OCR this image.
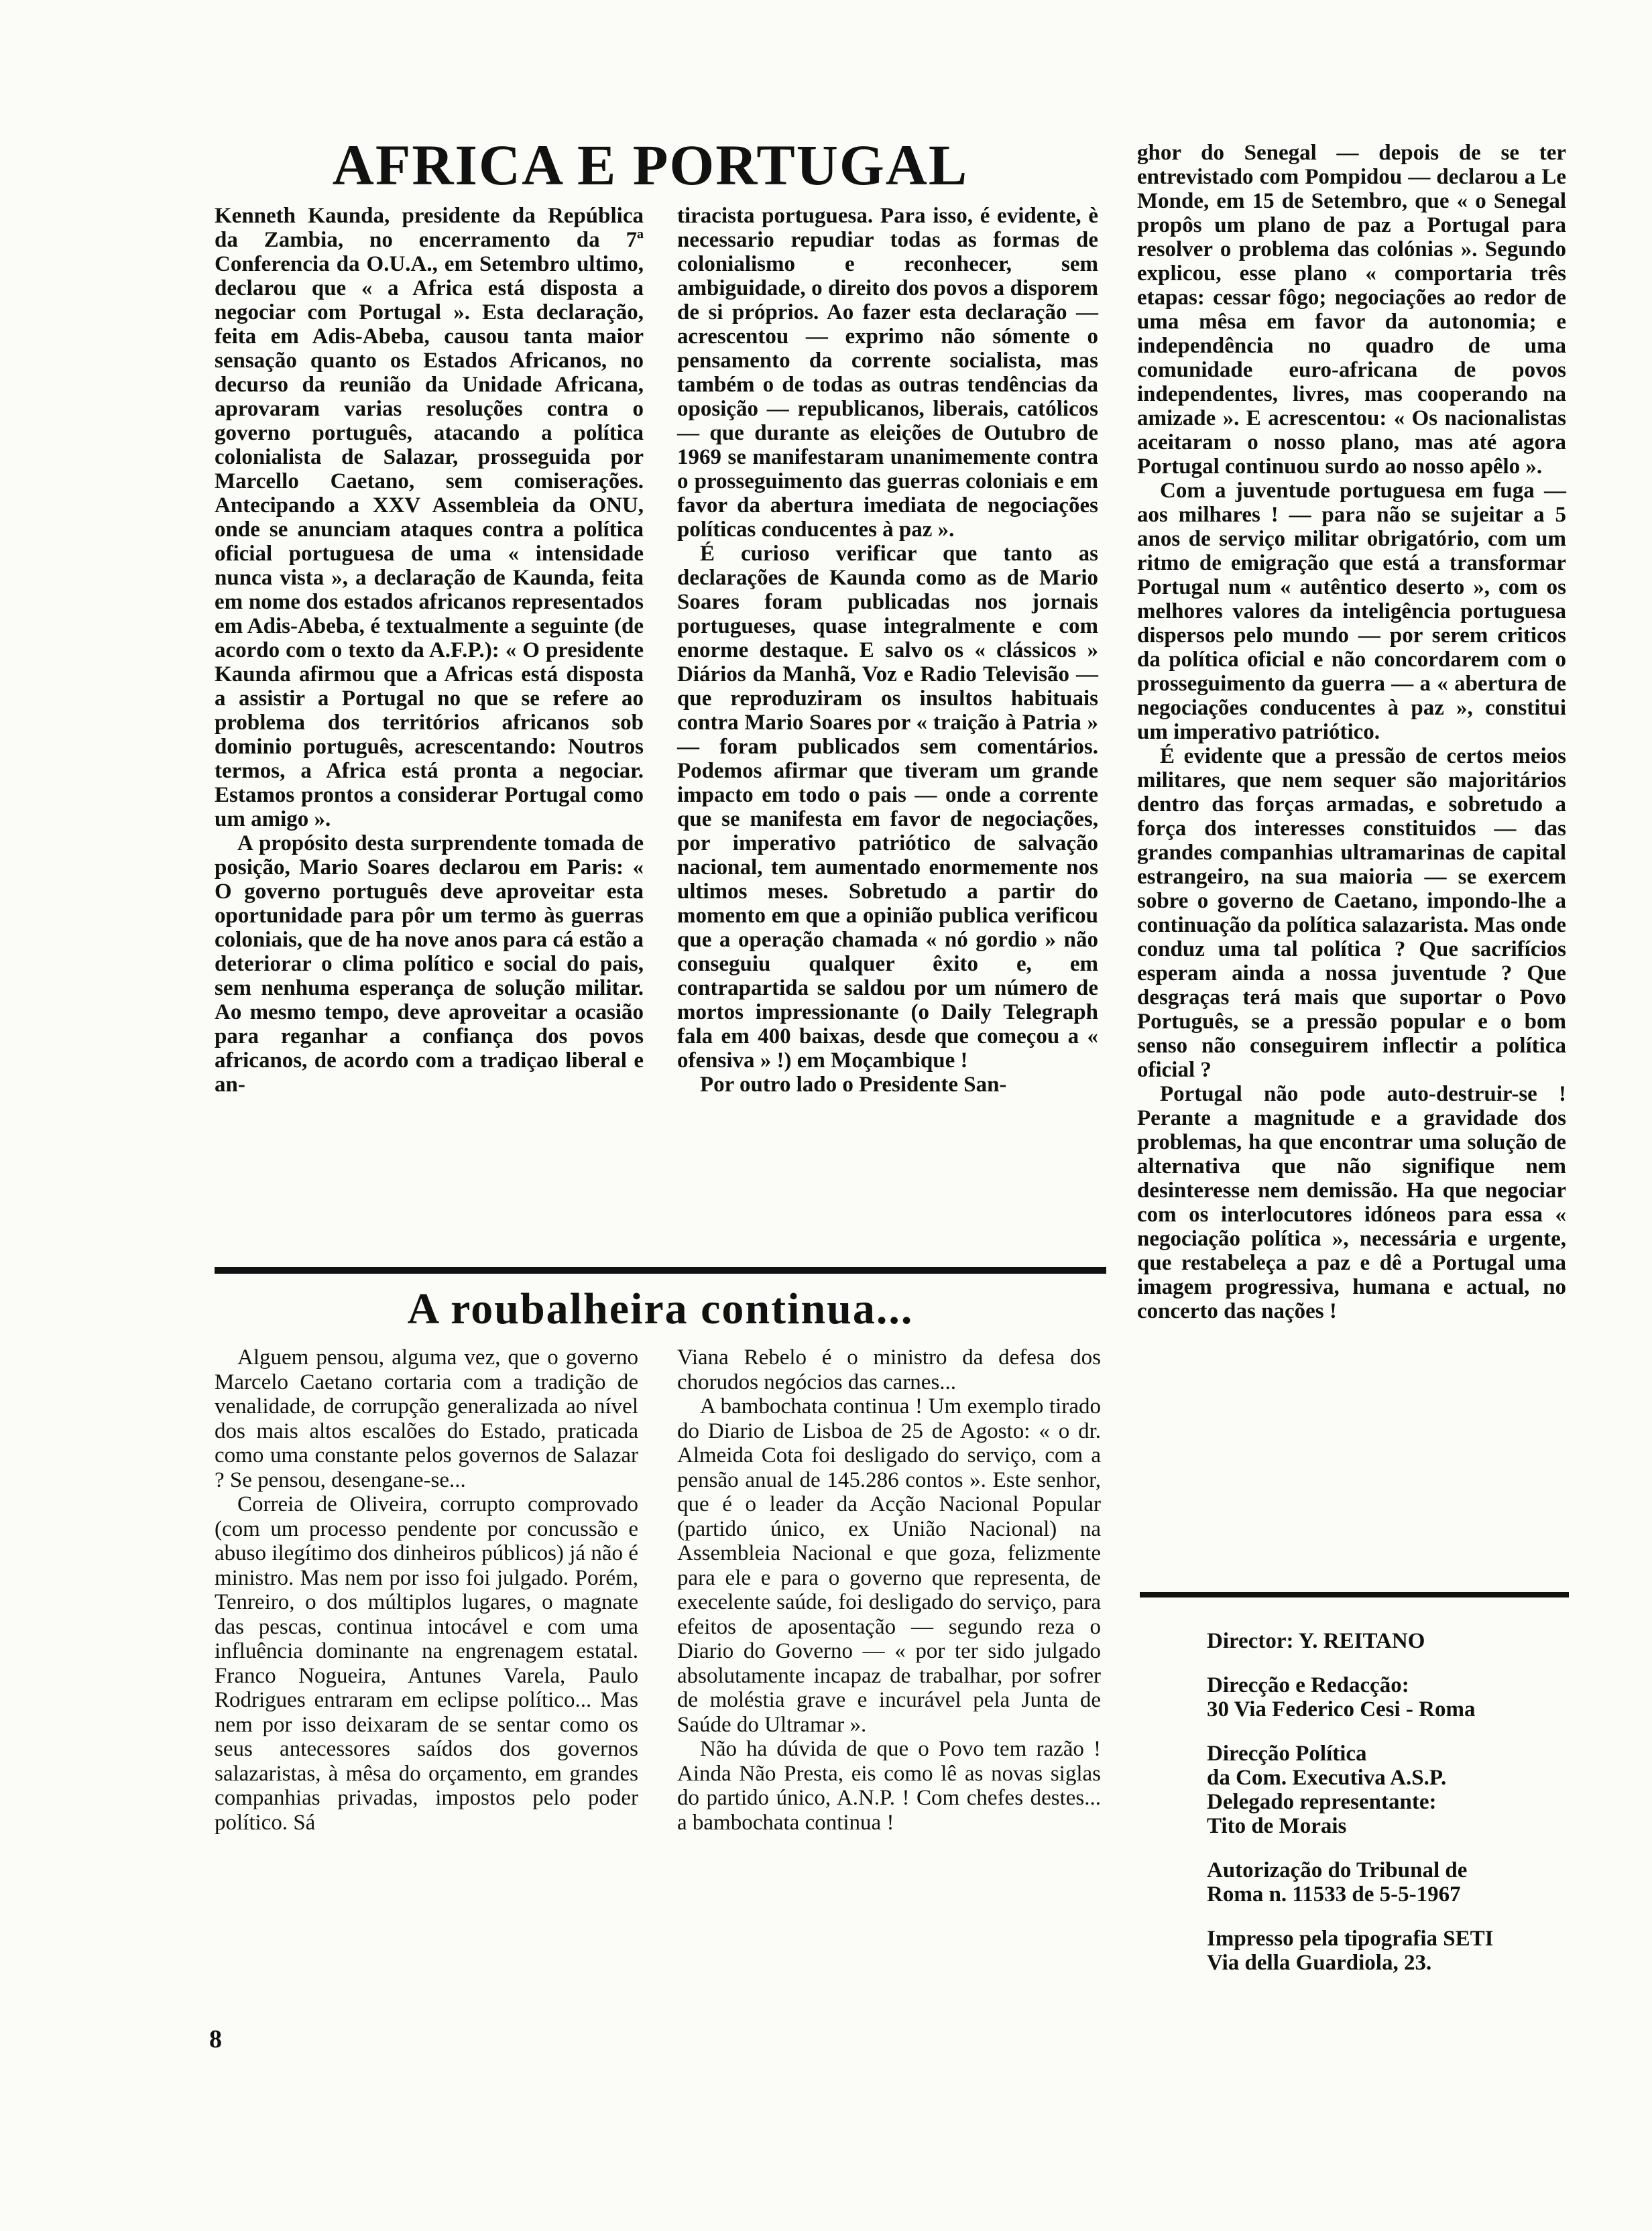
AFRICA E PORTUGAL
Kenneth Kaunda, presidente da República da Zambia, no encerramento da 7ª Conferencia da O.U.A., em Setembro ultimo, declarou que « a Africa está disposta a negociar com Portugal ». Esta declaração, feita em Adis-Abeba, causou tanta maior sensação quanto os Estados Africanos, no decurso da reunião da Unidade Africana, aprovaram varias resoluções contra o governo português, atacando a política colonialista de Salazar, prosseguida por Marcello Caetano, sem comiserações. Antecipando a XXV Assembleia da ONU, onde se anunciam ataques contra a política oficial portuguesa de uma « intensidade nunca vista », a declaração de Kaunda, feita em nome dos estados africanos representados em Adis-Abeba, é textualmente a seguinte (de acordo com o texto da A.F.P.): « O presidente Kaunda afirmou que a Africas está disposta a assistir a Portugal no que se refere ao problema dos territórios africanos sob dominio português, acrescentando: Noutros termos, a Africa está pronta a negociar. Estamos prontos a considerar Portugal como um amigo ».
A propósito desta surprendente tomada de posição, Mario Soares declarou em Paris: « O governo português deve aproveitar esta oportunidade para pôr um termo às guerras coloniais, que de ha nove anos para cá estão a deteriorar o clima político e social do pais, sem nenhuma esperança de solução militar. Ao mesmo tempo, deve aproveitar a ocasião para reganhar a confiança dos povos africanos, de acordo com a tradiçao liberal e an-
tiracista portuguesa. Para isso, é evidente, è necessario repudiar todas as formas de colonialismo e reconhecer, sem ambiguidade, o direito dos povos a disporem de si próprios. Ao fazer esta declaração — acrescentou — exprimo não sómente o pensamento da corrente socialista, mas também o de todas as outras tendências da oposição — republicanos, liberais, católicos — que durante as eleições de Outubro de 1969 se manifestaram unanimemente contra o prosseguimento das guerras coloniais e em favor da abertura imediata de negociações políticas conducentes à paz ».
É curioso verificar que tanto as declarações de Kaunda como as de Mario Soares foram publicadas nos jornais portugueses, quase integralmente e com enorme destaque. E salvo os « clássicos » Diários da Manhã, Voz e Radio Televisão — que reproduziram os insultos habituais contra Mario Soares por « traição à Patria » — foram publicados sem comentários. Podemos afirmar que tiveram um grande impacto em todo o pais — onde a corrente que se manifesta em favor de negociações, por imperativo patriótico de salvação nacional, tem aumentado enormemente nos ultimos meses. Sobretudo a partir do momento em que a opinião publica verificou que a operação chamada « nó gordio » não conseguiu qualquer êxito e, em contrapartida se saldou por um número de mortos impressionante (o Daily Telegraph fala em 400 baixas, desde que começou a « ofensiva » !) em Moçambique !
Por outro lado o Presidente San-
ghor do Senegal — depois de se ter entrevistado com Pompidou — declarou a Le Monde, em 15 de Setembro, que « o Senegal propôs um plano de paz a Portugal para resolver o problema das colónias ». Segundo explicou, esse plano « comportaria três etapas: cessar fôgo; negociações ao redor de uma mêsa em favor da autonomia; e independência no quadro de uma comunidade euro-africana de povos independentes, livres, mas cooperando na amizade ». E acrescentou: « Os nacionalistas aceitaram o nosso plano, mas até agora Portugal continuou surdo ao nosso apêlo ».
Com a juventude portuguesa em fuga — aos milhares ! — para não se sujeitar a 5 anos de serviço militar obrigatório, com um ritmo de emigração que está a transformar Portugal num « autêntico deserto », com os melhores valores da inteligência portuguesa dispersos pelo mundo — por serem criticos da política oficial e não concordarem com o prosseguimento da guerra — a « abertura de negociações conducentes à paz », constitui um imperativo patriótico.
É evidente que a pressão de certos meios militares, que nem sequer são majoritários dentro das forças armadas, e sobretudo a força dos interesses constituidos — das grandes companhias ultramarinas de capital estrangeiro, na sua maioria — se exercem sobre o governo de Caetano, impondo-lhe a continuação da política salazarista. Mas onde conduz uma tal política ? Que sacrifícios esperam ainda a nossa juventude ? Que desgraças terá mais que suportar o Povo Português, se a pressão popular e o bom senso não conseguirem inflectir a política oficial ?
Portugal não pode auto-destruir-se ! Perante a magnitude e a gravidade dos problemas, ha que encontrar uma solução de alternativa que não signifique nem desinteresse nem demissão. Ha que negociar com os interlocutores idóneos para essa « negociação política », necessária e urgente, que restabeleça a paz e dê a Portugal uma imagem progressiva, humana e actual, no concerto das nações !
A roubalheira continua...
Alguem pensou, alguma vez, que o governo Marcelo Caetano cortaria com a tradição de venalidade, de corrupção generalizada ao nível dos mais altos escalões do Estado, praticada como uma constante pelos governos de Salazar ? Se pensou, desengane-se...
Correia de Oliveira, corrupto comprovado (com um processo pendente por concussão e abuso ilegítimo dos dinheiros públicos) já não é ministro. Mas nem por isso foi julgado. Porém, Tenreiro, o dos múltiplos lugares, o magnate das pescas, continua intocável e com uma influência dominante na engrenagem estatal. Franco Nogueira, Antunes Varela, Paulo Rodrigues entraram em eclipse político... Mas nem por isso deixaram de se sentar como os seus antecessores saídos dos governos salazaristas, à mêsa do orçamento, em grandes companhias privadas, impostos pelo poder político. Sá
Viana Rebelo é o ministro da defesa dos chorudos negócios das carnes...
A bambochata continua ! Um exemplo tirado do Diario de Lisboa de 25 de Agosto: « o dr. Almeida Cota foi desligado do serviço, com a pensão anual de 145.286 contos ». Este senhor, que é o leader da Acção Nacional Popular (partido único, ex União Nacional) na Assembleia Nacional e que goza, felizmente para ele e para o governo que representa, de execelente saúde, foi desligado do serviço, para efeitos de aposentação — segundo reza o Diario do Governo — « por ter sido julgado absolutamente incapaz de trabalhar, por sofrer de moléstia grave e incurável pela Junta de Saúde do Ultramar ».
Não ha dúvida de que o Povo tem razão ! Ainda Não Presta, eis como lê as novas siglas do partido único, A.N.P. ! Com chefes destes... a bambochata continua !
Director: Y. REITANO
Direcção e Redacção:
30 Via Federico Cesi - Roma
Direcção Política
da Com. Executiva A.S.P.
Delegado representante:
Tito de Morais
Autorização do Tribunal de
Roma n. 11533 de 5-5-1967
Impresso pela tipografia SETI
Via della Guardiola, 23.
8
